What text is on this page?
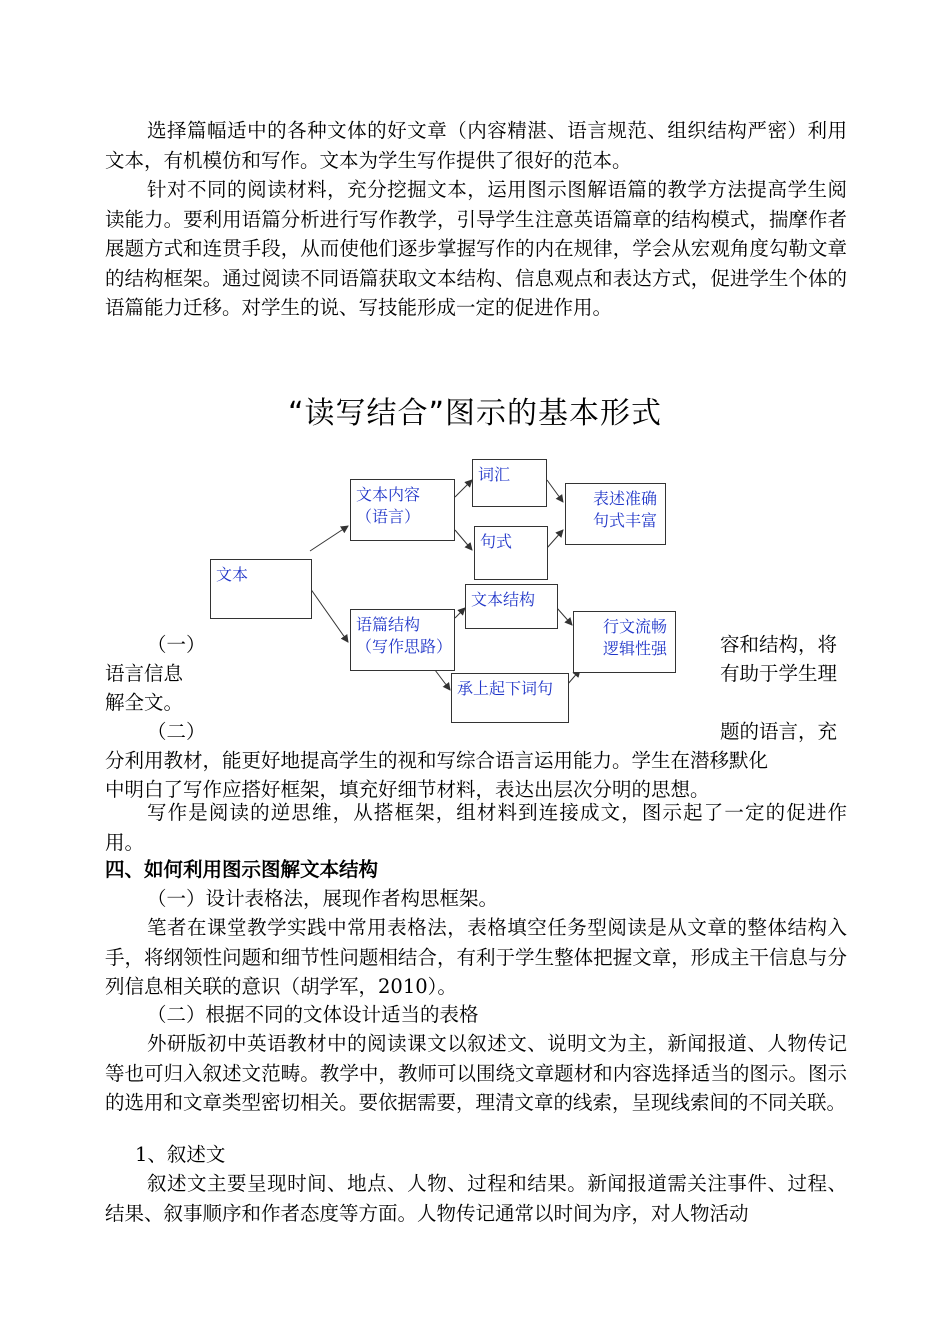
选择篇幅适中的各种文体的好文章（内容精湛、语言规范、组织结构严密）利用文本，有机模仿和写作。文本为学生写作提供了很好的范本。

针对不同的阅读材料，充分挖掘文本，运用图示图解语篇的教学方法提高学生阅读能力。要利用语篇分析进行写作教学，引导学生注意英语篇章的结构模式，揣摩作者展题方式和连贯手段，从而使他们逐步掌握写作的内在规律，学会从宏观角度勾勒文章的结构框架。通过阅读不同语篇获取文本结构、信息观点和表达方式，促进学生个体的语篇能力迁移。对学生的说、写技能形成一定的促进作用。

“读写结合”图示的基本形式
（一）	容和结构，将
语言信息	有助于学生理
解全文。
（二）	题的语言，充
分利用教材，能更好地提高学生的视和写综合语言运用能力。学生在潜移默化
文本
文本内容
（语言）
词汇
句式
表述准确
句式丰富
语篇结构
（写作思路）
文本结构
承上起下词句
行文流畅
逻辑性强

中明白了写作应搭好框架，填充好细节材料，表达出层次分明的思想。

写作是阅读的逆思维，从搭框架，组材料到连接成文，图示起了一定的促进作用。

四、如何利用图示图解文本结构
（一）设计表格法，展现作者构思框架。

笔者在课堂教学实践中常用表格法，表格填空任务型阅读是从文章的整体结构入手，将纲领性问题和细节性问题相结合，有利于学生整体把握文章，形成主干信息与分列信息相关联的意识（胡学军，2010）。

（二）根据不同的文体设计适当的表格

外研版初中英语教材中的阅读课文以叙述文、说明文为主，新闻报道、人物传记等也可归入叙述文范畴。教学中，教师可以围绕文章题材和内容选择适当的图示。图示的选用和文章类型密切相关。要依据需要，理清文章的线索，呈现线索间的不同关联。

1、叙述文

叙述文主要呈现时间、地点、人物、过程和结果。新闻报道需关注事件、过程、结果、叙事顺序和作者态度等方面。人物传记通常以时间为序，对人物活动
